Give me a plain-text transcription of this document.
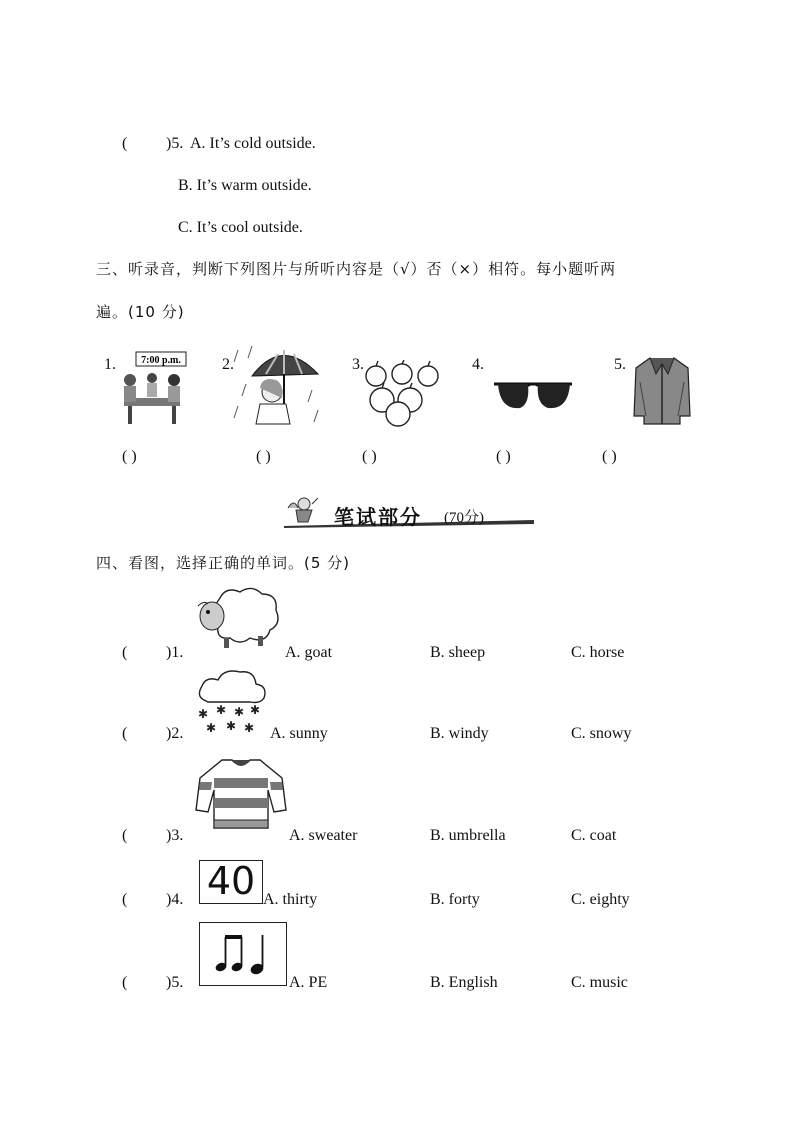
( )5. A. It’s cold outside.
B. It’s warm outside.
C. It’s cool outside.
三、听录音，判断下列图片与所听内容是（√）否（×）相符。每小题听两
遍。(10 分)
1.	7:00 p.m.
( )
2.
( )
3.
( )
4.
( )
5.
( )
笔试部分 (70分)
四、看图，选择正确的单词。(5 分)
( )1.	A. goat	B. sheep	C. horse
✱ ✱ ✱ ✱
✱ ✱ ✱
( )2.	A. sunny	B. windy	C. snowy
( )3.	A. sweater	B. umbrella	C. coat
40
( )4.	A. thirty	B. forty	C. eighty
( )5.	A. PE	B. English	C. music
